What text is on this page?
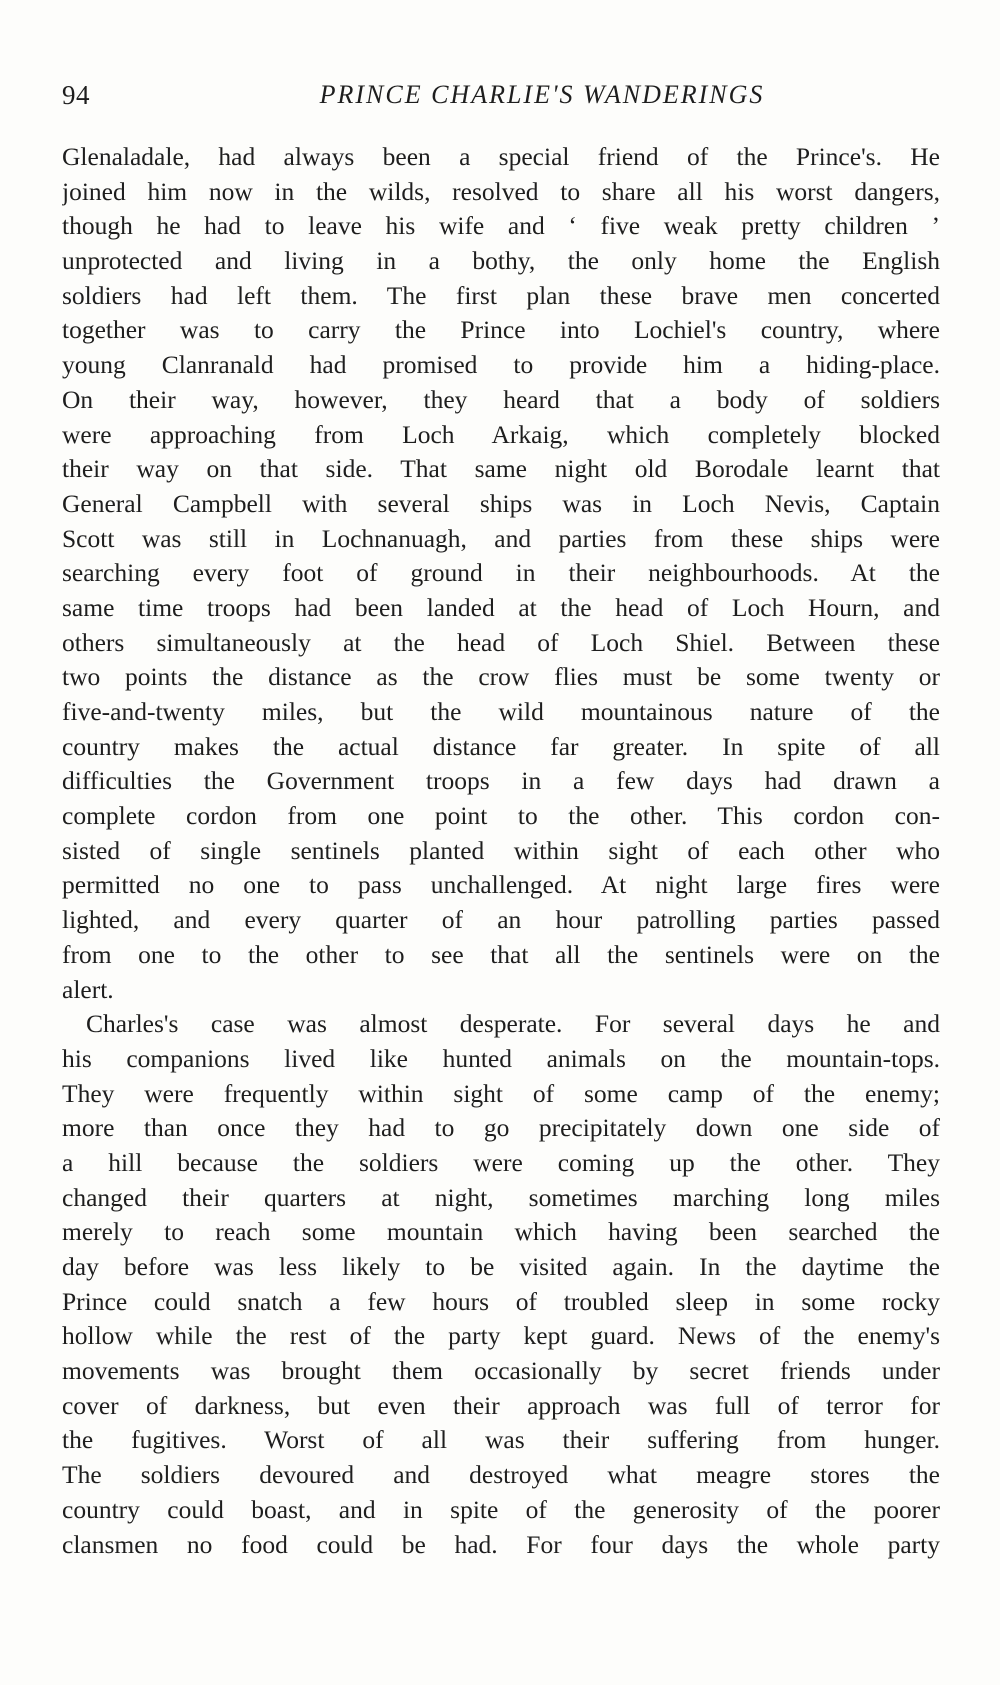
94	PRINCE CHARLIE'S WANDERINGS
Glenaladale, had always been a special friend of the Prince's. He
joined him now in the wilds, resolved to share all his worst dangers,
though he had to leave his wife and ‘ five weak pretty children ’
unprotected and living in a bothy, the only home the English
soldiers had left them. The first plan these brave men concerted
together was to carry the Prince into Lochiel's country, where
young Clanranald had promised to provide him a hiding-place.
On their way, however, they heard that a body of soldiers
were approaching from Loch Arkaig, which completely blocked
their way on that side. That same night old Borodale learnt that
General Campbell with several ships was in Loch Nevis, Captain
Scott was still in Lochnanuagh, and parties from these ships were
searching every foot of ground in their neighbourhoods. At the
same time troops had been landed at the head of Loch Hourn, and
others simultaneously at the head of Loch Shiel. Between these
two points the distance as the crow flies must be some twenty or
five-and-twenty miles, but the wild mountainous nature of the
country makes the actual distance far greater. In spite of all
difficulties the Government troops in a few days had drawn a
complete cordon from one point to the other. This cordon con-
sisted of single sentinels planted within sight of each other who
permitted no one to pass unchallenged. At night large fires were
lighted, and every quarter of an hour patrolling parties passed
from one to the other to see that all the sentinels were on the
alert.
Charles's case was almost desperate. For several days he and
his companions lived like hunted animals on the mountain-tops.
They were frequently within sight of some camp of the enemy;
more than once they had to go precipitately down one side of
a hill because the soldiers were coming up the other. They
changed their quarters at night, sometimes marching long miles
merely to reach some mountain which having been searched the
day before was less likely to be visited again. In the daytime the
Prince could snatch a few hours of troubled sleep in some rocky
hollow while the rest of the party kept guard. News of the enemy's
movements was brought them occasionally by secret friends under
cover of darkness, but even their approach was full of terror for
the fugitives. Worst of all was their suffering from hunger.
The soldiers devoured and destroyed what meagre stores the
country could boast, and in spite of the generosity of the poorer
clansmen no food could be had. For four days the whole party
